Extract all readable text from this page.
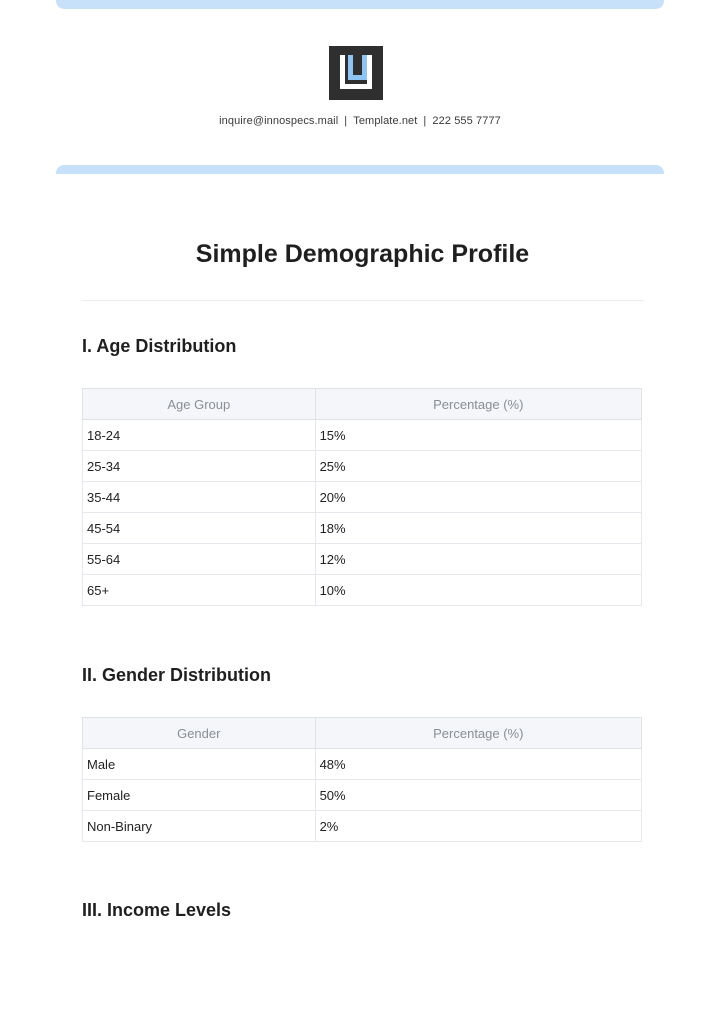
inquire@innospecs.mail | Template.net | 222 555 7777
Simple Demographic Profile
I. Age Distribution
Age Group	Percentage (%)
18-24	15%
25-34	25%
35-44	20%
45-54	18%
55-64	12%
65+	10%
II. Gender Distribution
Gender	Percentage (%)
Male	48%
Female	50%
Non-Binary	2%
III. Income Levels
